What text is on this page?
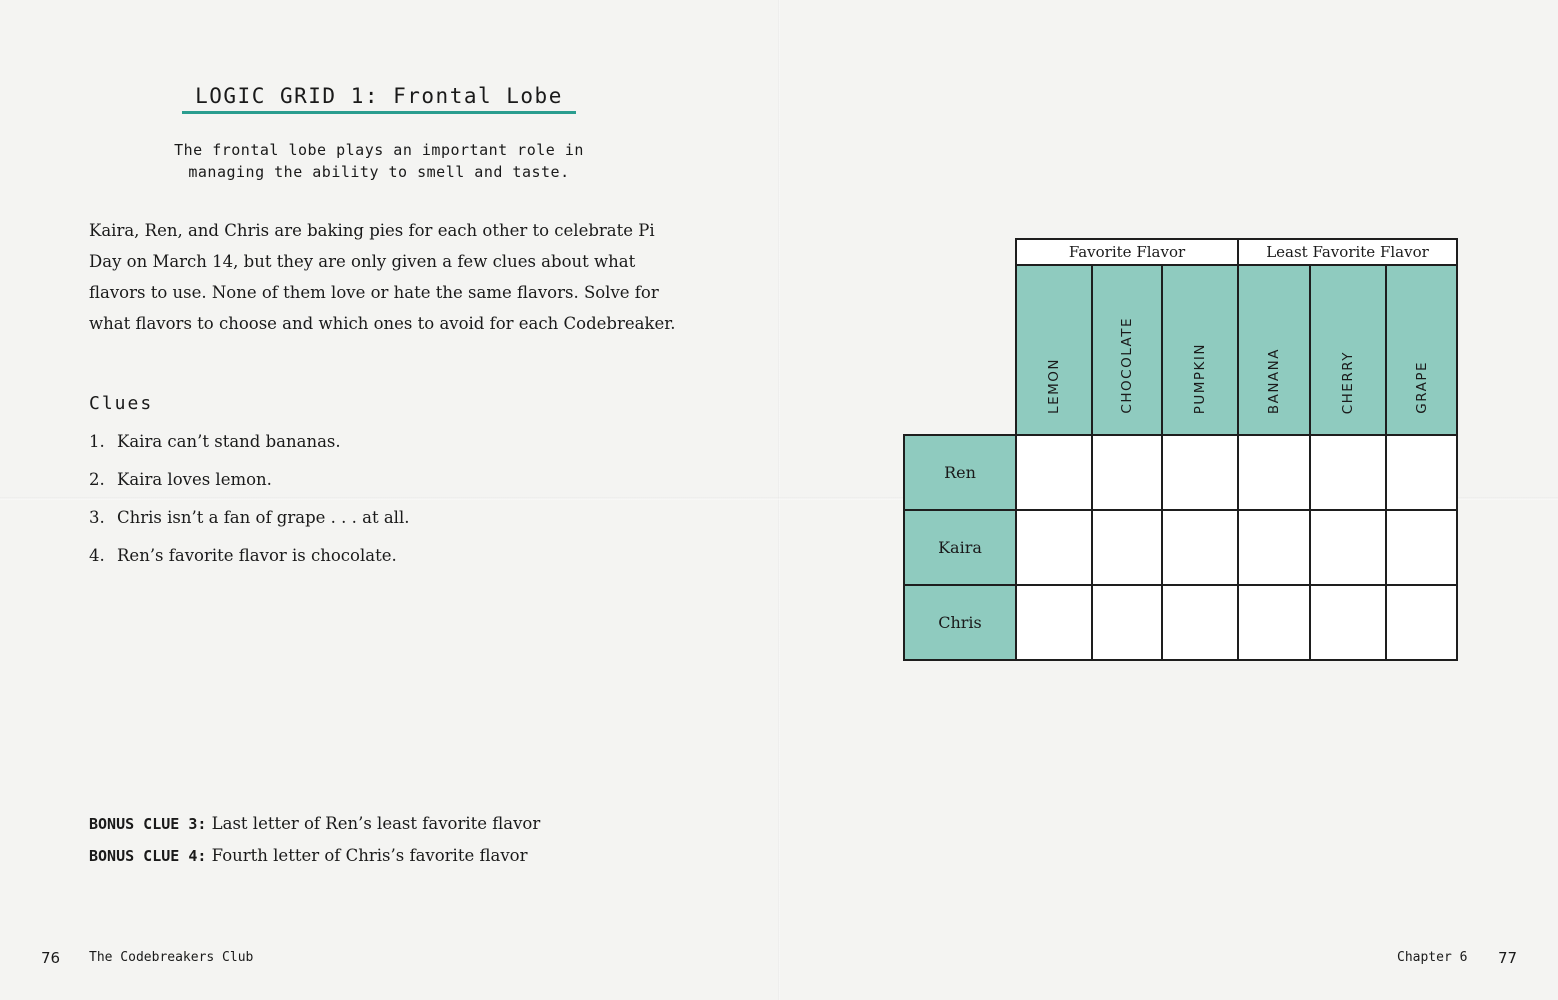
LOGIC GRID 1: Frontal Lobe
The frontal lobe plays an important role in
managing the ability to smell and taste.
Kaira, Ren, and Chris are baking pies for each other to celebrate Pi Day on March 14, but they are only given a few clues about what flavors to use. None of them love or hate the same flavors. Solve for what flavors to choose and which ones to avoid for each Codebreaker.
Clues
1. Kaira can’t stand bananas.
2. Kaira loves lemon.
3. Chris isn’t a fan of grape . . . at all.
4. Ren’s favorite flavor is chocolate.
BONUS CLUE 3: Last letter of Ren’s least favorite flavor
BONUS CLUE 4: Fourth letter of Chris’s favorite flavor
76 The Codebreakers Club	Chapter 6 77
Favorite Flavor	Least Favorite Flavor
LEMON	CHOCOLATE	PUMPKIN	BANANA	CHERRY	GRAPE
Ren
Kaira
Chris
